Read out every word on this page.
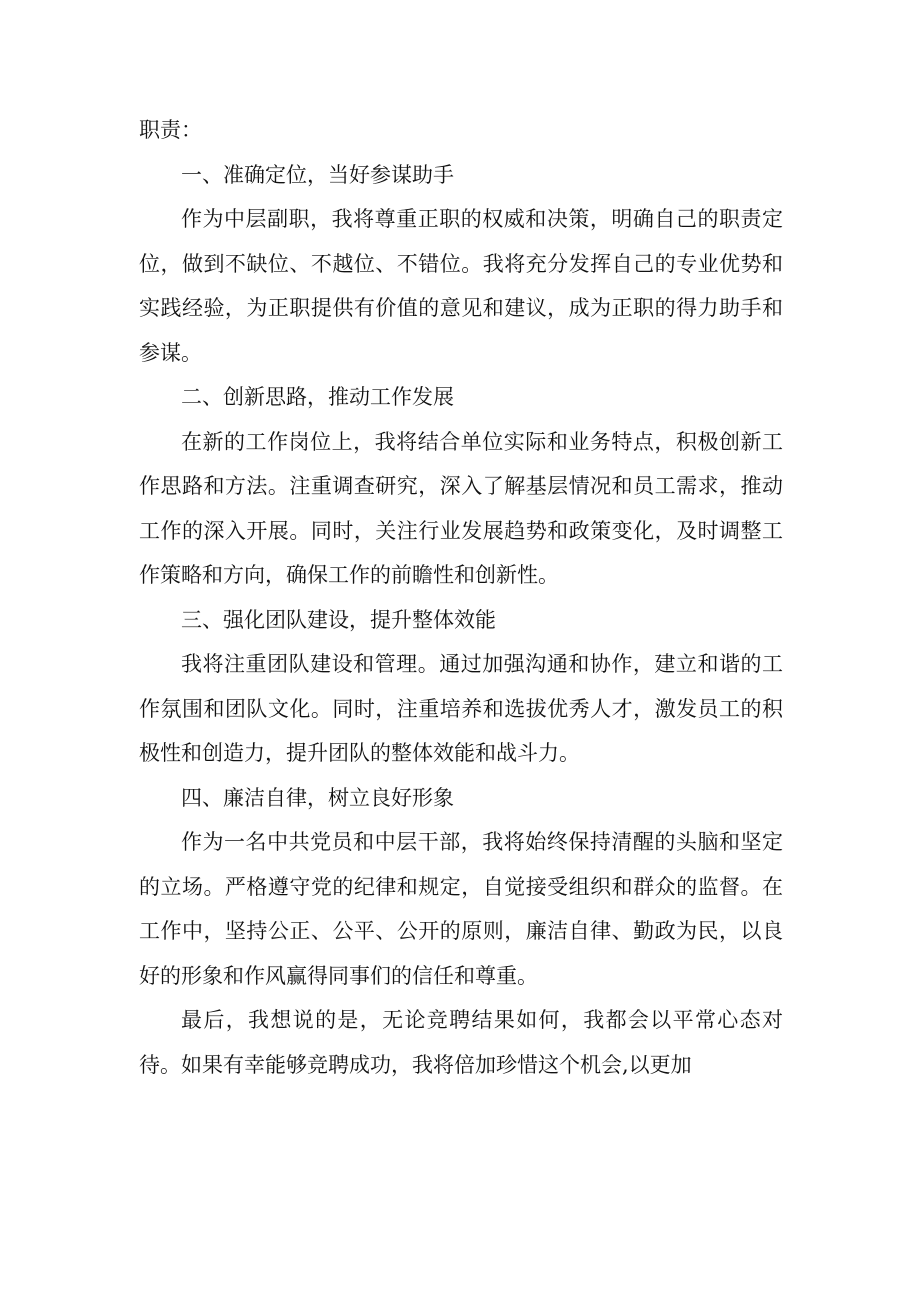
职责：

一、准确定位，当好参谋助手

作为中层副职，我将尊重正职的权威和决策，明确自己的职责定位，做到不缺位、不越位、不错位。我将充分发挥自己的专业优势和实践经验，为正职提供有价值的意见和建议，成为正职的得力助手和参谋。

二、创新思路，推动工作发展

在新的工作岗位上，我将结合单位实际和业务特点，积极创新工作思路和方法。注重调查研究，深入了解基层情况和员工需求，推动工作的深入开展。同时，关注行业发展趋势和政策变化，及时调整工作策略和方向，确保工作的前瞻性和创新性。

三、强化团队建设，提升整体效能

我将注重团队建设和管理。通过加强沟通和协作，建立和谐的工作氛围和团队文化。同时，注重培养和选拔优秀人才，激发员工的积极性和创造力，提升团队的整体效能和战斗力。

四、廉洁自律，树立良好形象

作为一名中共党员和中层干部，我将始终保持清醒的头脑和坚定的立场。严格遵守党的纪律和规定，自觉接受组织和群众的监督。在工作中，坚持公正、公平、公开的原则，廉洁自律、勤政为民，以良好的形象和作风赢得同事们的信任和尊重。

最后，我想说的是，无论竞聘结果如何，我都会以平常心态对待。如果有幸能够竞聘成功，我将倍加珍惜这个机会,以更加
